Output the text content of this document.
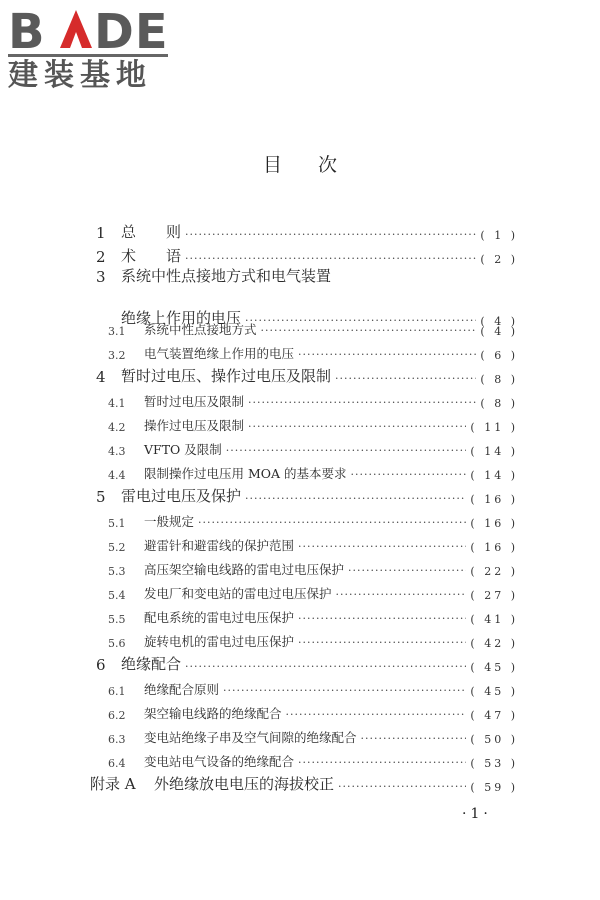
B DE
建装基地
目次
1	总　　则 ·····	( 1 )
2	术　　语 ·····	( 2 )
3	系统中性点接地方式和电气装置
绝缘上作用的电压 ·····	( 4 )
3.1	系统中性点接地方式 ·····	( 4 )
3.2	电气装置绝缘上作用的电压 ·····	( 6 )
4	暂时过电压、操作过电压及限制 ·····	( 8 )
4.1	暂时过电压及限制 ·····	( 8 )
4.2	操作过电压及限制 ·····	( 11 )
4.3	VFTO 及限制 ·····	( 14 )
4.4	限制操作过电压用 MOA 的基本要求 ·····	( 14 )
5	雷电过电压及保护 ·····	( 16 )
5.1	一般规定 ·····	( 16 )
5.2	避雷针和避雷线的保护范围 ·····	( 16 )
5.3	高压架空输电线路的雷电过电压保护 ·····	( 22 )
5.4	发电厂和变电站的雷电过电压保护 ·····	( 27 )
5.5	配电系统的雷电过电压保护 ·····	( 41 )
5.6	旋转电机的雷电过电压保护 ·····	( 42 )
6	绝缘配合 ·····	( 45 )
6.1	绝缘配合原则 ·····	( 45 )
6.2	架空输电线路的绝缘配合 ·····	( 47 )
6.3	变电站绝缘子串及空气间隙的绝缘配合 ·····	( 50 )
6.4	变电站电气设备的绝缘配合 ·····	( 53 )
附录 A	外绝缘放电电压的海拔校正 ·····	( 59 )
·1·
